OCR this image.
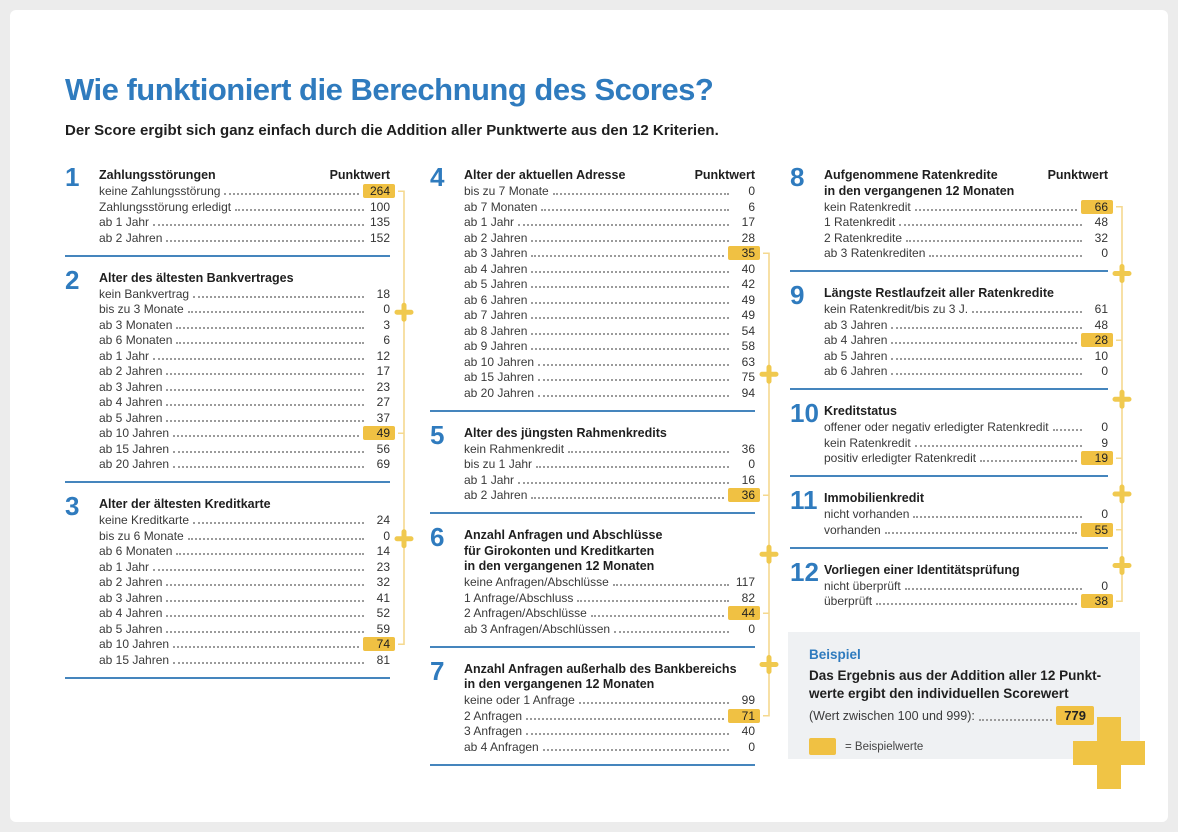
Wie funktioniert die Berechnung des Scores?

Der Score ergibt sich ganz einfach durch die Addition aller Punktwerte aus den 12 Kriterien.

1 Zahlungsstörungen	Punktwert
keine Zahlungsstörung	264
Zahlungsstörung erledigt	100
ab 1 Jahr	135
ab 2 Jahren	152
2 Alter des ältesten Bankvertrages
kein Bankvertrag	18
bis zu 3 Monate	0
ab 3 Monaten	3
ab 6 Monaten	6
ab 1 Jahr	12
ab 2 Jahren	17
ab 3 Jahren	23
ab 4 Jahren	27
ab 5 Jahren	37
ab 10 Jahren	49
ab 15 Jahren	56
ab 20 Jahren	69
3 Alter der ältesten Kreditkarte
keine Kreditkarte	24
bis zu 6 Monate	0
ab 6 Monaten	14
ab 1 Jahr	23
ab 2 Jahren	32
ab 3 Jahren	41
ab 4 Jahren	52
ab 5 Jahren	59
ab 10 Jahren	74
ab 15 Jahren	81
4 Alter der aktuellen Adresse	Punktwert
bis zu 7 Monate	0
ab 7 Monaten	6
ab 1 Jahr	17
ab 2 Jahren	28
ab 3 Jahren	35
ab 4 Jahren	40
ab 5 Jahren	42
ab 6 Jahren	49
ab 7 Jahren	49
ab 8 Jahren	54
ab 9 Jahren	58
ab 10 Jahren	63
ab 15 Jahren	75
ab 20 Jahren	94
5 Alter des jüngsten Rahmenkredits
kein Rahmenkredit	36
bis zu 1 Jahr	0
ab 1 Jahr	16
ab 2 Jahren	36
6 Anzahl Anfragen und Abschlüsse
für Girokonten und Kreditkarten
in den vergangenen 12 Monaten
keine Anfragen/Abschlüsse	117
1 Anfrage/Abschluss	82
2 Anfragen/Abschlüsse	44
ab 3 Anfragen/Abschlüssen	0
7 Anzahl Anfragen außerhalb des Bankbereichs
in den vergangenen 12 Monaten
keine oder 1 Anfrage	99
2 Anfragen	71
3 Anfragen	40
ab 4 Anfragen	0
8 Aufgenommene Ratenkredite
in den vergangenen 12 Monaten
Punktwert
kein Ratenkredit	66
1 Ratenkredit	48
2 Ratenkredite	32
ab 3 Ratenkrediten	0
9 Längste Restlaufzeit aller Ratenkredite
kein Ratenkredit/bis zu 3 J.	61
ab 3 Jahren	48
ab 4 Jahren	28
ab 5 Jahren	10
ab 6 Jahren	0
10 Kreditstatus
offener oder negativ erledigter Ratenkredit	0
kein Ratenkredit	9
positiv erledigter Ratenkredit	19
11 Immobilienkredit
nicht vorhanden	0
vorhanden	55
12 Vorliegen einer Identitätsprüfung
nicht überprüft	0
überprüft	38
Beispiel
Das Ergebnis aus der Addition aller 12 Punkt-
werte ergibt den individuellen Scorewert
(Wert zwischen 100 und 999):	779
= Beispielwerte
